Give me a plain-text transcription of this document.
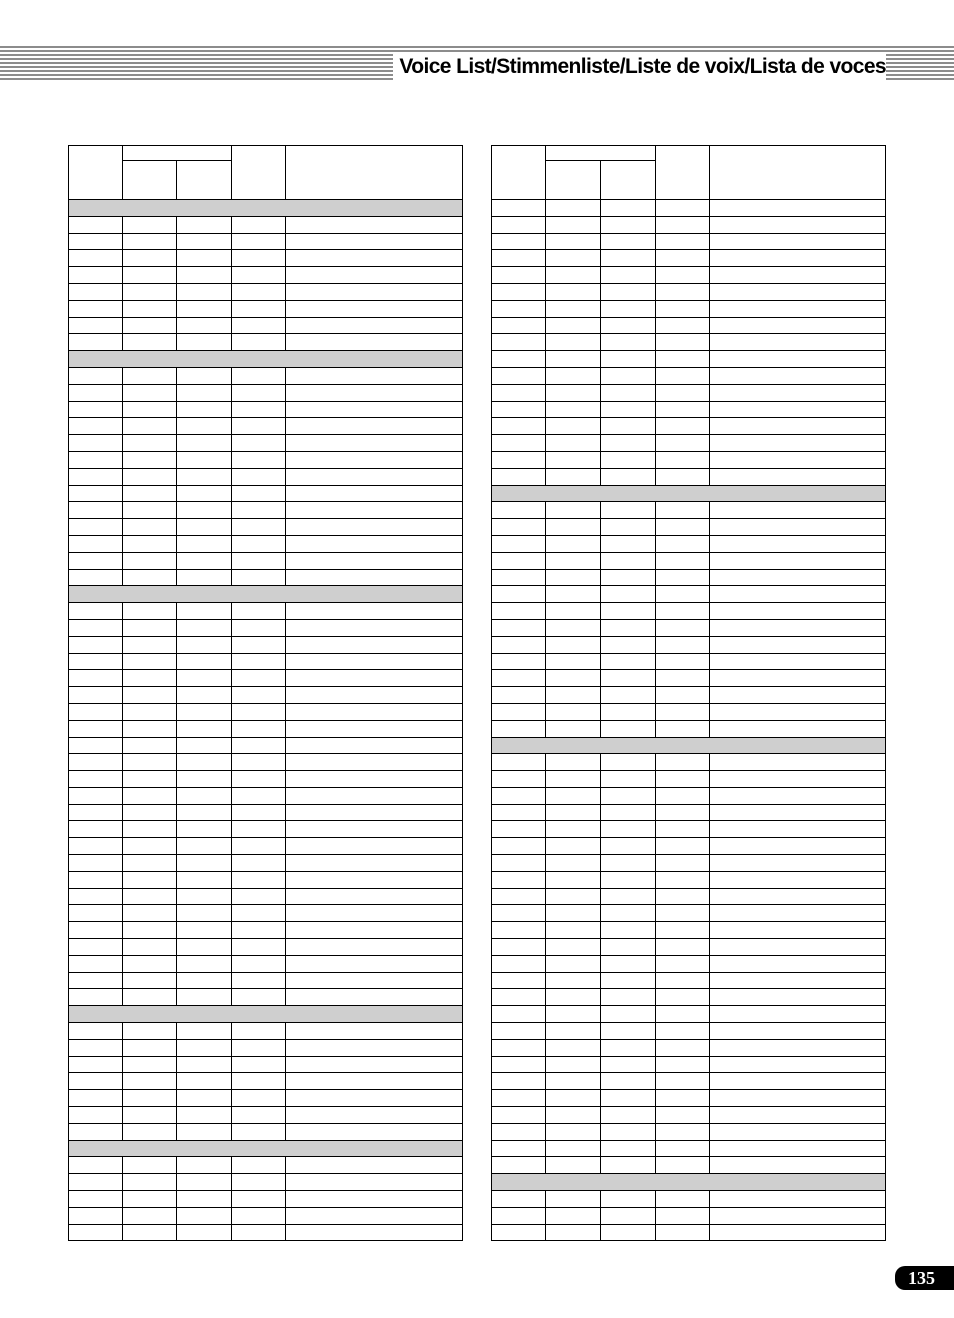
Voice List/Stimmenliste/Liste de voix/Lista de voces

135
